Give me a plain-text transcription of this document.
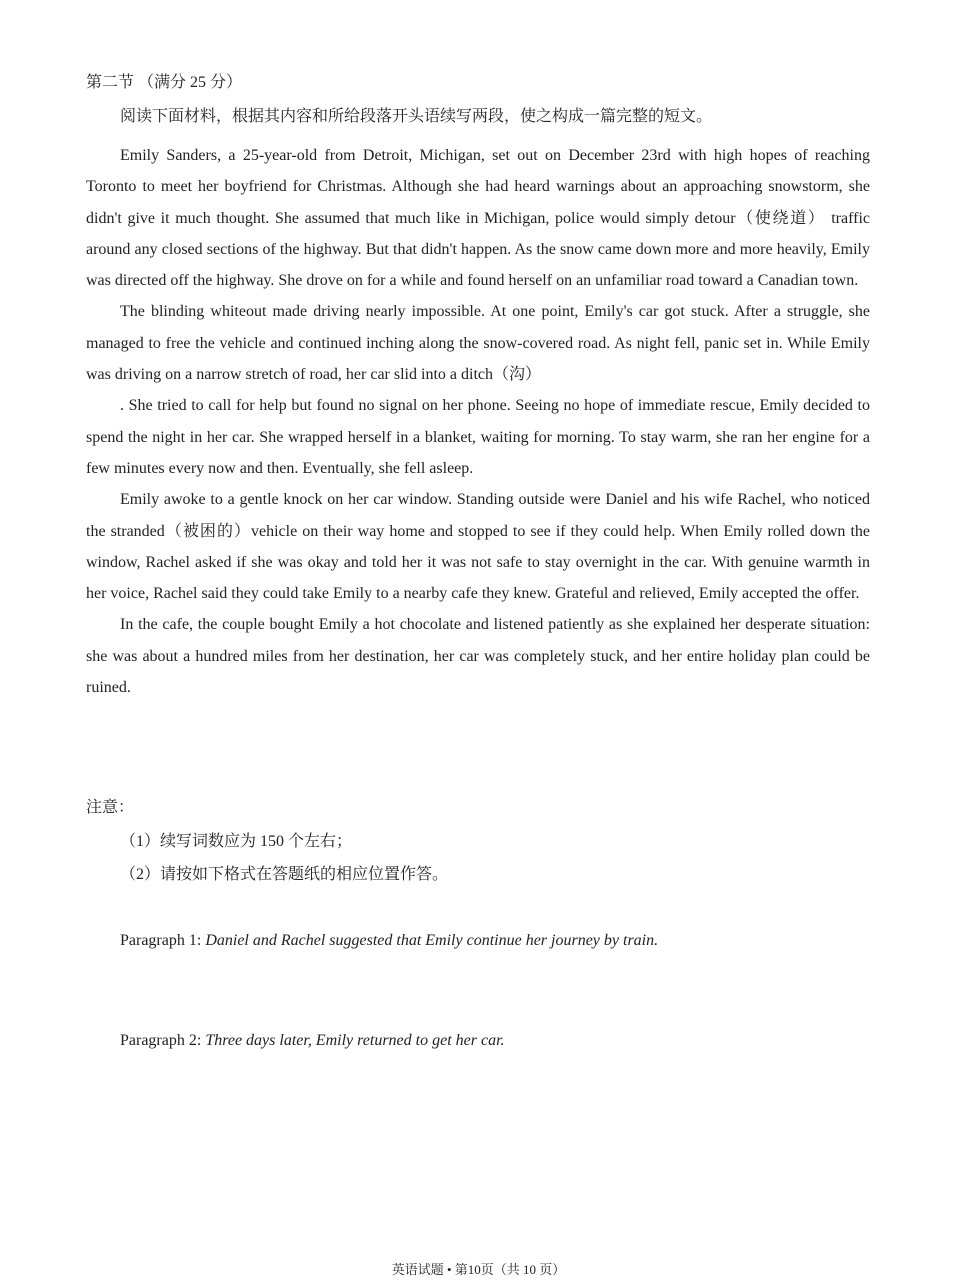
第二节 （满分 25 分）
阅读下面材料，根据其内容和所给段落开头语续写两段，使之构成一篇完整的短文。

Emily Sanders, a 25-year-old from Detroit, Michigan, set out on December 23rd with high hopes of reaching Toronto to meet her boyfriend for Christmas. Although she had heard warnings about an approaching snowstorm, she didn't give it much thought. She assumed that much like in Michigan, police would simply detour（使绕道） traffic around any closed sections of the highway. But that didn't happen. As the snow came down more and more heavily, Emily was directed off the highway. She drove on for a while and found herself on an unfamiliar road toward a Canadian town.

The blinding whiteout made driving nearly impossible. At one point, Emily's car got stuck. After a struggle, she managed to free the vehicle and continued inching along the snow-covered road. As night fell, panic set in. While Emily was driving on a narrow stretch of road, her car slid into a ditch（沟）

. She tried to call for help but found no signal on her phone. Seeing no hope of immediate rescue, Emily decided to spend the night in her car. She wrapped herself in a blanket, waiting for morning. To stay warm, she ran her engine for a few minutes every now and then. Eventually, she fell asleep.

Emily awoke to a gentle knock on her car window. Standing outside were Daniel and his wife Rachel, who noticed the stranded（被困的）vehicle on their way home and stopped to see if they could help. When Emily rolled down the window, Rachel asked if she was okay and told her it was not safe to stay overnight in the car. With genuine warmth in her voice, Rachel said they could take Emily to a nearby cafe they knew. Grateful and relieved, Emily accepted the offer.

In the cafe, the couple bought Emily a hot chocolate and listened patiently as she explained her desperate situation: she was about a hundred miles from her destination, her car was completely stuck, and her entire holiday plan could be ruined.

注意：
（1）续写词数应为 150 个左右；
（2）请按如下格式在答题纸的相应位置作答。
Paragraph 1: Daniel and Rachel suggested that Emily continue her journey by train.
Paragraph 2: Three days later, Emily returned to get her car.
英语试题 • 第10页（共 10 页）
